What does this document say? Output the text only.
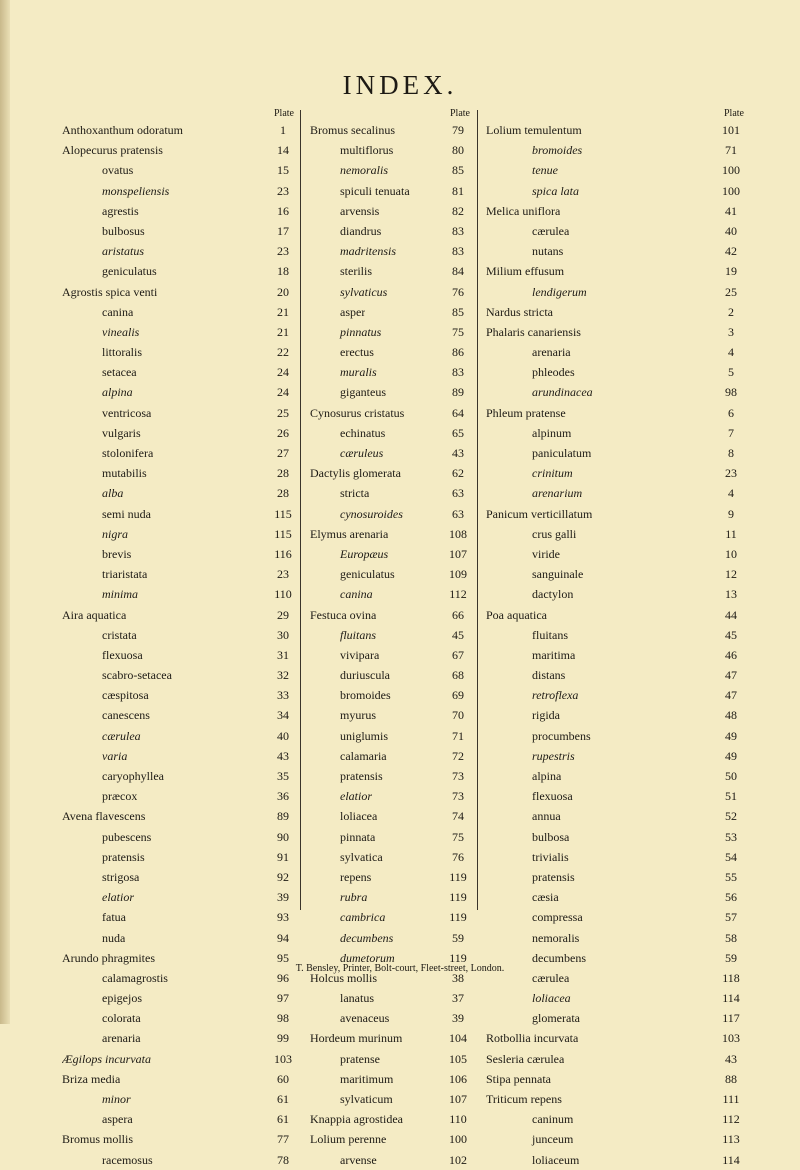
INDEX.
Plate
Anthoxanthum odoratum	1
Alopecurus pratensis	14
ovatus	15
monspeliensis	23
agrestis	16
bulbosus	17
aristatus	23
geniculatus	18
Agrostis spica venti	20
canina	21
vinealis	21
littoralis	22
setacea	24
alpina	24
ventricosa	25
vulgaris	26
stolonifera	27
mutabilis	28
alba	28
semi nuda	115
nigra	115
brevis	116
triaristata	23
minima	110
Aira aquatica	29
cristata	30
flexuosa	31
scabro-setacea	32
cæspitosa	33
canescens	34
cærulea	40
varia	43
caryophyllea	35
præcox	36
Avena flavescens	89
pubescens	90
pratensis	91
strigosa	92
elatior	39
fatua	93
nuda	94
Arundo phragmites	95
calamagrostis	96
epigejos	97
colorata	98
arenaria	99
Ægilops incurvata	103
Briza media	60
minor	61
aspera	61
Bromus mollis	77
racemosus	78
Plate
Bromus secalinus	79
multiflorus	80
nemoralis	85
spiculi tenuata	81
arvensis	82
diandrus	83
madritensis	83
sterilis	84
sylvaticus	76
asper	85
pinnatus	75
erectus	86
muralis	83
giganteus	89
Cynosurus cristatus	64
echinatus	65
cæruleus	43
Dactylis glomerata	62
stricta	63
cynosuroides	63
Elymus arenaria	108
Europæus	107
geniculatus	109
canina	112
Festuca ovina	66
fluitans	45
vivipara	67
duriuscula	68
bromoides	69
myurus	70
uniglumis	71
calamaria	72
pratensis	73
elatior	73
loliacea	74
pinnata	75
sylvatica	76
repens	119
rubra	119
cambrica	119
decumbens	59
dumetorum	119
Holcus mollis	38
lanatus	37
avenaceus	39
Hordeum murinum	104
pratense	105
maritimum	106
sylvaticum	107
Knappia agrostidea	110
Lolium perenne	100
arvense	102
Plate
Lolium temulentum	101
bromoides	71
tenue	100
spica lata	100
Melica uniflora	41
cærulea	40
nutans	42
Milium effusum	19
lendigerum	25
Nardus stricta	2
Phalaris canariensis	3
arenaria	4
phleodes	5
arundinacea	98
Phleum pratense	6
alpinum	7
paniculatum	8
crinitum	23
arenarium	4
Panicum verticillatum	9
crus galli	11
viride	10
sanguinale	12
dactylon	13
Poa aquatica	44
fluitans	45
maritima	46
distans	47
retroflexa	47
rigida	48
procumbens	49
rupestris	49
alpina	50
flexuosa	51
annua	52
bulbosa	53
trivialis	54
pratensis	55
cæsia	56
compressa	57
nemoralis	58
decumbens	59
cærulea	118
loliacea	114
glomerata	117
Rotbollia incurvata	103
Sesleria cærulea	43
Stipa pennata	88
Triticum repens	111
caninum	112
junceum	113
loliaceum	114

T. Bensley, Printer, Bolt-court, Fleet-street, London.
